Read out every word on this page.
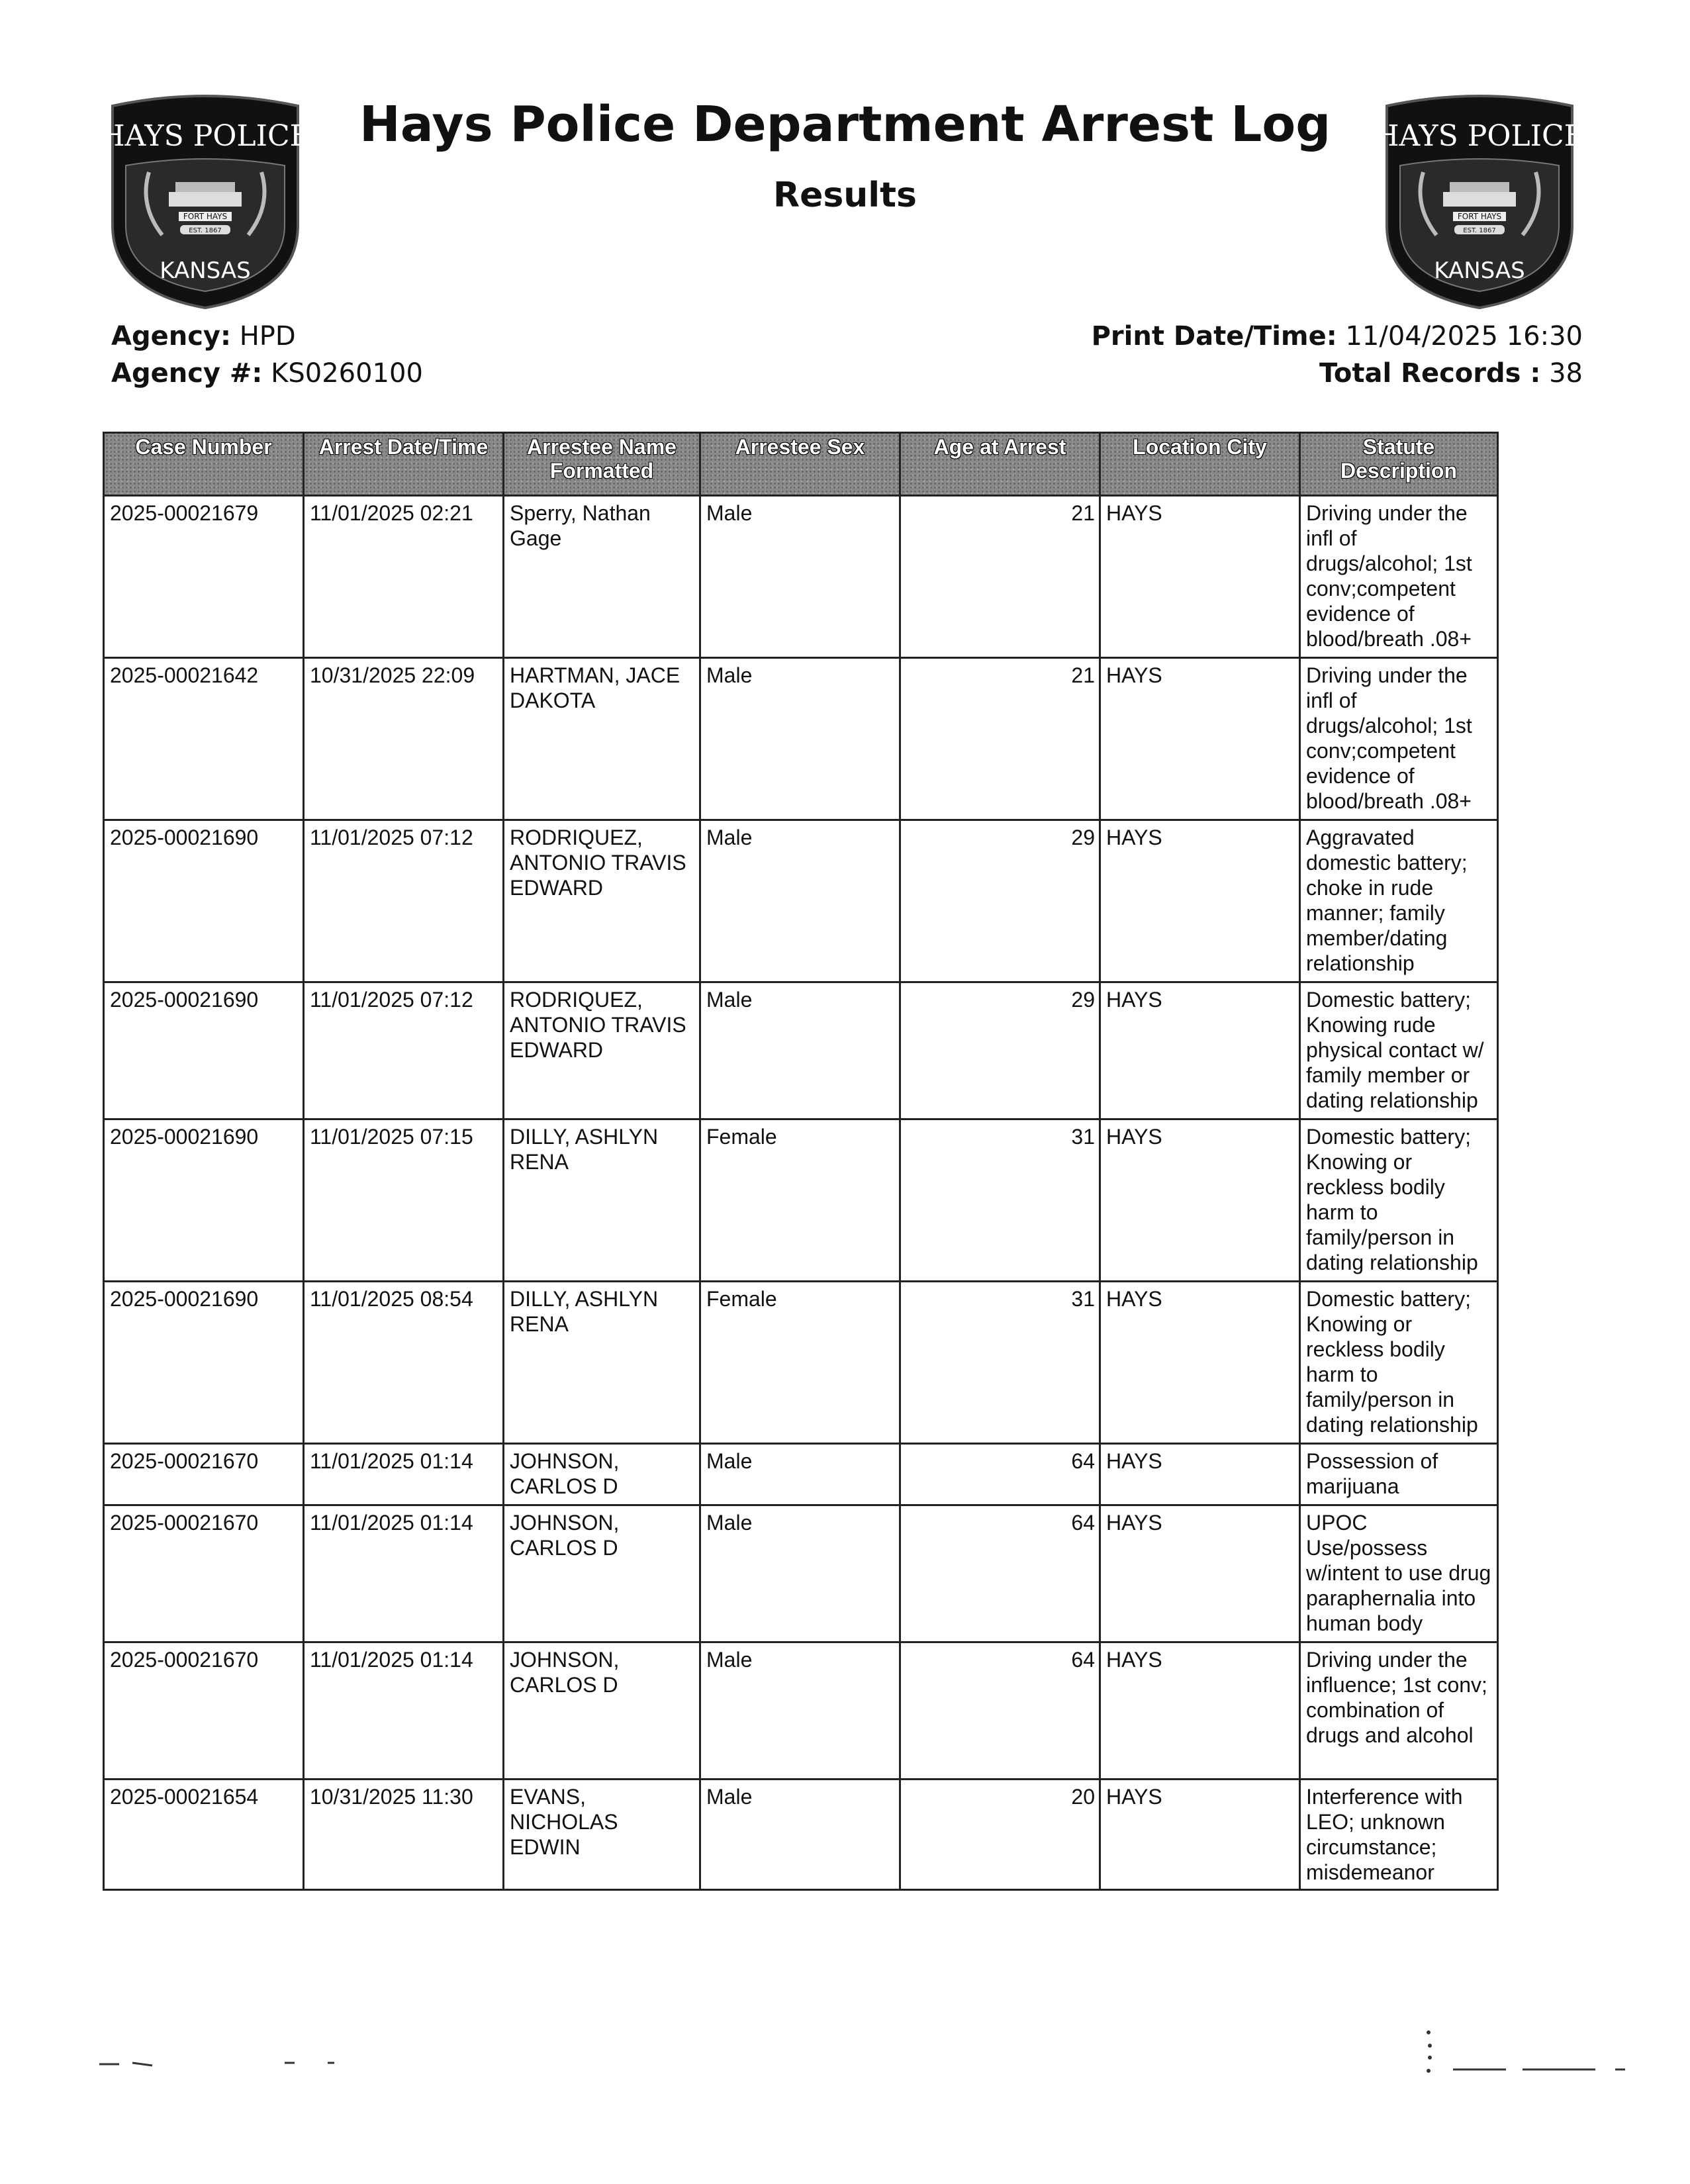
HAYS POLICE
FORT HAYS
EST. 1867
KANSAS
HAYS POLICE
FORT HAYS
EST. 1867
KANSAS
Hays Police Department Arrest Log
Results
Agency: HPD
Agency #: KS0260100
Print Date/Time: 11/04/2025 16:30
Total Records : 38
Case Number	Arrest Date/Time	Arrestee Name Formatted	Arrestee Sex	Age at Arrest	Location City	Statute Description
2025-00021679	11/01/2025 02:21	Sperry, Nathan Gage	Male	21	HAYS	Driving under the infl of drugs/alcohol; 1st conv;competent evidence of blood/breath .08+
2025-00021642	10/31/2025 22:09	HARTMAN, JACE DAKOTA	Male	21	HAYS	Driving under the infl of drugs/alcohol; 1st conv;competent evidence of blood/breath .08+
2025-00021690	11/01/2025 07:12	RODRIQUEZ, ANTONIO TRAVIS EDWARD	Male	29	HAYS	Aggravated domestic battery; choke in rude manner; family member/dating relationship
2025-00021690	11/01/2025 07:12	RODRIQUEZ, ANTONIO TRAVIS EDWARD	Male	29	HAYS	Domestic battery; Knowing rude physical contact w/ family member or dating relationship
2025-00021690	11/01/2025 07:15	DILLY, ASHLYN RENA	Female	31	HAYS	Domestic battery; Knowing or reckless bodily harm to family/person in dating relationship
2025-00021690	11/01/2025 08:54	DILLY, ASHLYN RENA	Female	31	HAYS	Domestic battery; Knowing or reckless bodily harm to family/person in dating relationship
2025-00021670	11/01/2025 01:14	JOHNSON, CARLOS D	Male	64	HAYS	Possession of marijuana
2025-00021670	11/01/2025 01:14	JOHNSON, CARLOS D	Male	64	HAYS	UPOC Use/possess w/intent to use drug paraphernalia into human body
2025-00021670	11/01/2025 01:14	JOHNSON, CARLOS D	Male	64	HAYS	Driving under the influence; 1st conv; combination of drugs and alcohol
2025-00021654	10/31/2025 11:30	EVANS, NICHOLAS EDWIN	Male	20	HAYS	Interference with LEO; unknown circumstance; misdemeanor
